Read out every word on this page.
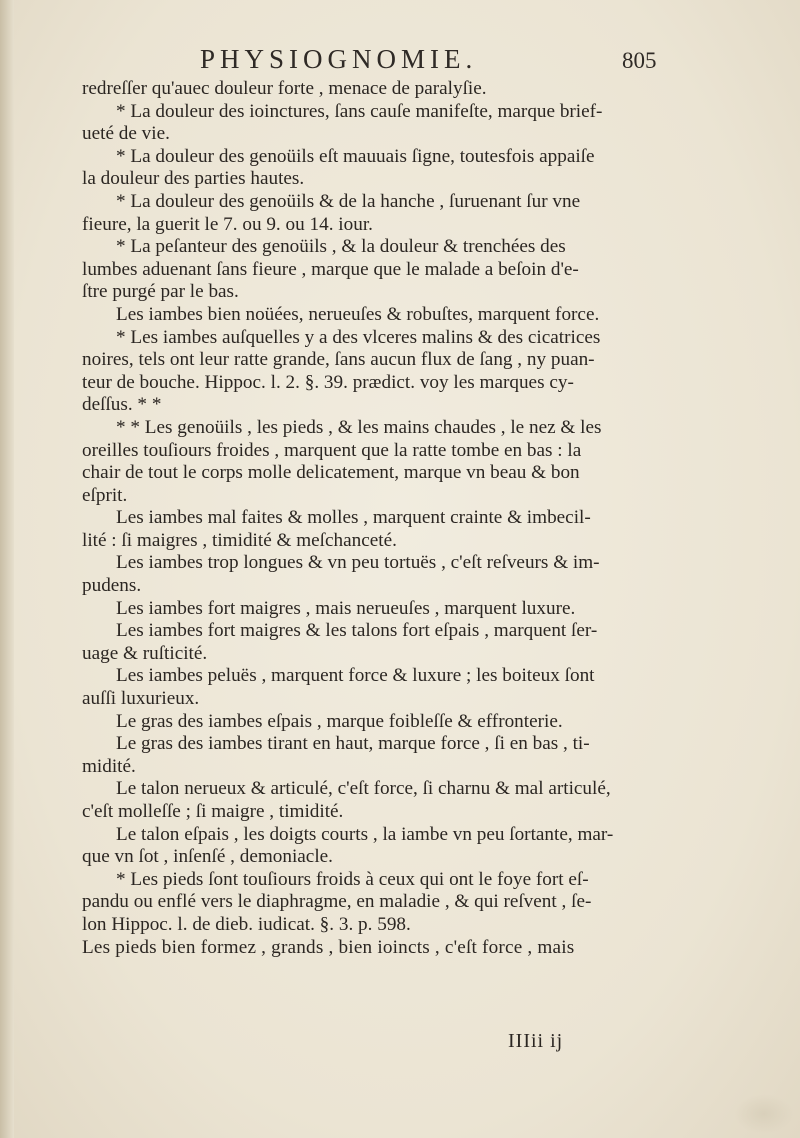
PHYSIOGNOMIE.	805
redreſſer qu'auec douleur forte , menace de paralyſie.
* La douleur des ioinctures, ſans cauſe manifeſte, marque brief-
ueté de vie.
* La douleur des genoüils eſt mauuais ſigne, toutesfois appaiſe
la douleur des parties hautes.
* La douleur des genoüils & de la hanche , ſuruenant ſur vne
fieure, la guerit le 7. ou 9. ou 14. iour.
* La peſanteur des genoüils , & la douleur & trenchées des
lumbes aduenant ſans fieure , marque que le malade a beſoin d'e-
ſtre purgé par le bas.
Les iambes bien noüées, nerueuſes & robuſtes, marquent force.
* Les iambes auſquelles y a des vlceres malins & des cicatrices
noires, tels ont leur ratte grande, ſans aucun flux de ſang , ny puan-
teur de bouche. Hippoc. l. 2. §. 39. prædict. voy les marques cy-
deſſus. * *
* * Les genoüils , les pieds , & les mains chaudes , le nez & les
oreilles touſiours froides , marquent que la ratte tombe en bas : la
chair de tout le corps molle delicatement, marque vn beau & bon
eſprit.
Les iambes mal faites & molles , marquent crainte & imbecil-
lité : ſi maigres , timidité & meſchanceté.
Les iambes trop longues & vn peu tortuës , c'eſt reſveurs & im-
pudens.
Les iambes fort maigres , mais nerueuſes , marquent luxure.
Les iambes fort maigres & les talons fort eſpais , marquent ſer-
uage & ruſticité.
Les iambes peluës , marquent force & luxure ; les boiteux ſont
auſſi luxurieux.
Le gras des iambes eſpais , marque foibleſſe & effronterie.
Le gras des iambes tirant en haut, marque force , ſi en bas , ti-
midité.
Le talon nerueux & articulé, c'eſt force, ſi charnu & mal articulé,
c'eſt molleſſe ; ſi maigre , timidité.
Le talon eſpais , les doigts courts , la iambe vn peu ſortante, mar-
que vn ſot , inſenſé , demoniacle.
* Les pieds ſont touſiours froids à ceux qui ont le foye fort eſ-
pandu ou enflé vers le diaphragme, en maladie , & qui reſvent , ſe-
lon Hippoc. l. de dieb. iudicat. §. 3. p. 598.
Les pieds bien formez , grands , bien ioincts , c'eſt force , mais
IIIii ij
